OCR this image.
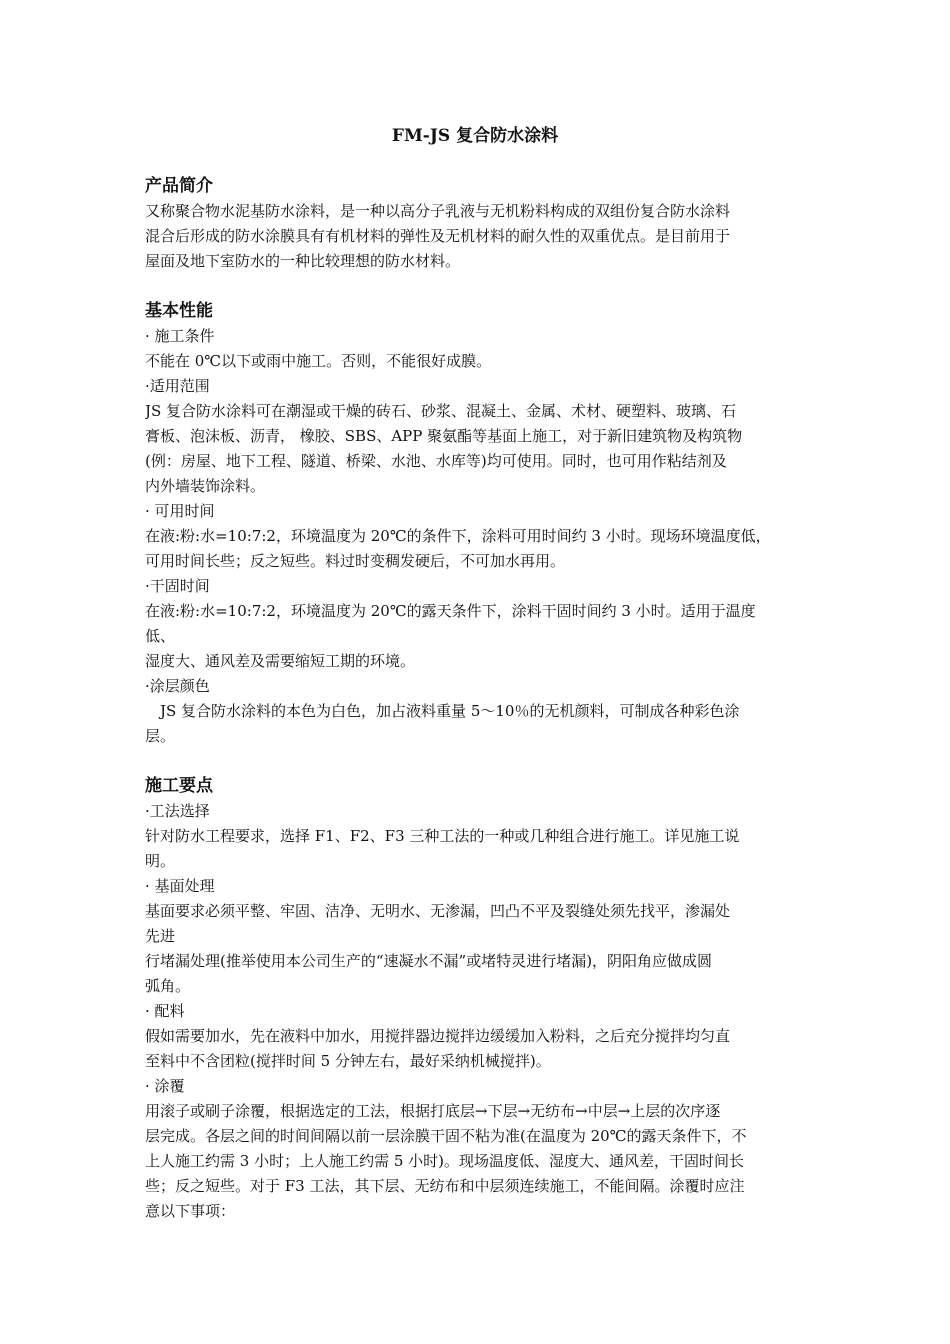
FM-JS 复合防水涂料

产品简介

又称聚合物水泥基防水涂料，是一种以高分子乳液与无机粉料构成的双组份复合防水涂料

混合后形成的防水涂膜具有有机材料的弹性及无机材料的耐久性的双重优点。是目前用于

屋面及地下室防水的一种比较理想的防水材料。

基本性能

· 施工条件

不能在 0℃以下或雨中施工。否则，不能很好成膜。

·适用范围

JS 复合防水涂料可在潮湿或干燥的砖石、砂浆、混凝土、金属、术材、硬塑料、玻璃、石

膏板、泡沫板、沥青， 橡胶、SBS、APP 聚氨酯等基面上施工，对于新旧建筑物及构筑物

(例：房屋、地下工程、隧道、桥梁、水池、水库等)均可使用。同时，也可用作粘结剂及

内外墙装饰涂料。

· 可用时间

在液:粉:水=10:7:2，环境温度为 20℃的条件下，涂料可用时间约 3 小时。现场环境温度低，

可用时间长些；反之短些。料过时变稠发硬后，不可加水再用。

·干固时间

在液:粉:水=10:7:2，环境温度为 20℃的露天条件下，涂料干固时间约 3 小时。适用于温度

低、

湿度大、通风差及需要缩短工期的环境。

·涂层颜色

　JS 复合防水涂料的本色为白色，加占液料重量 5～10％的无机颜料，可制成各种彩色涂

层。

施工要点

·工法选择

针对防水工程要求，选择 F1、F2、F3 三种工法的一种或几种组合进行施工。详见施工说

明。

· 基面处理

基面要求必须平整、牢固、洁净、无明水、无渗漏，凹凸不平及裂缝处须先找平，渗漏处

先进

行堵漏处理(推举使用本公司生产的“速凝水不漏”或堵特灵进行堵漏)，阴阳角应做成圆

弧角。

· 配料

假如需要加水，先在液料中加水，用搅拌器边搅拌边缓缓加入粉料，之后充分搅拌均匀直

至料中不含团粒(搅拌时间 5 分钟左右，最好采纳机械搅拌)。

· 涂覆

用滚子或刷子涂覆，根据选定的工法，根据打底层→下层→无纺布→中层→上层的次序逐

层完成。各层之间的时间间隔以前一层涂膜干固不粘为准(在温度为 20℃的露天条件下，不

上人施工约需 3 小时；上人施工约需 5 小时)。现场温度低、湿度大、通风差，干固时间长

些；反之短些。对于 F3 工法，其下层、无纺布和中层须连续施工，不能间隔。涂覆时应注

意以下事项：
